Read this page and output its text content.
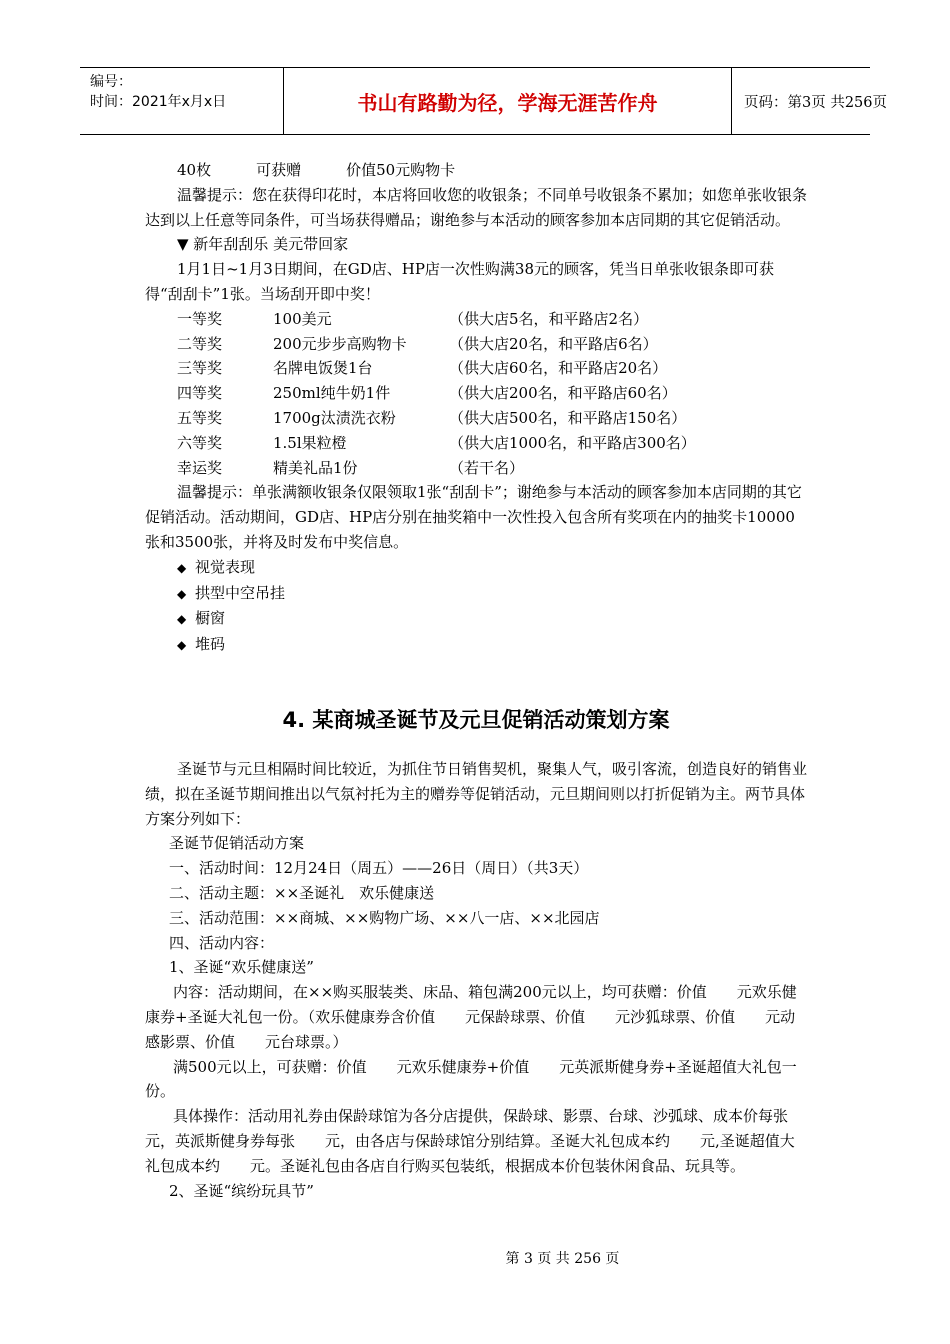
编号：
时间：2021年x月x日	书山有路勤为径，学海无涯苦作舟	页码：第3页 共256页

40枚　　　可获赠　　　价值50元购物卡

温馨提示：您在获得印花时，本店将回收您的收银条；不同单号收银条不累加；如您单张收银条达到以上任意等同条件，可当场获得赠品；谢绝参与本活动的顾客参加本店同期的其它促销活动。

▼ 新年刮刮乐 美元带回家

1月1日~1月3日期间，在GD店、HP店一次性购满38元的顾客，凭当日单张收银条即可获得“刮刮卡”1张。当场刮开即中奖！

一等奖	100美元	（供大店5名，和平路店2名）
二等奖	200元步步高购物卡	（供大店20名，和平路店6名）
三等奖	名牌电饭煲1台	（供大店60名，和平路店20名）
四等奖	250ml纯牛奶1件	（供大店200名，和平路店60名）
五等奖	1700g汰渍洗衣粉	（供大店500名，和平路店150名）
六等奖	1.5l果粒橙	（供大店1000名，和平路店300名）
幸运奖	精美礼品1份	（若干名）

温馨提示：单张满额收银条仅限领取1张“刮刮卡”；谢绝参与本活动的顾客参加本店同期的其它促销活动。活动期间，GD店、HP店分别在抽奖箱中一次性投入包含所有奖项在内的抽奖卡10000张和3500张，并将及时发布中奖信息。

◆ 视觉表现

◆ 拱型中空吊挂

◆ 橱窗

◆ 堆码

4. 某商城圣诞节及元旦促销活动策划方案

圣诞节与元旦相隔时间比较近，为抓住节日销售契机，聚集人气，吸引客流，创造良好的销售业绩，拟在圣诞节期间推出以气氛衬托为主的赠券等促销活动，元旦期间则以打折促销为主。两节具体方案分列如下：

圣诞节促销活动方案

一、活动时间：12月24日（周五）——26日（周日）（共3天）

二、活动主题：××圣诞礼　欢乐健康送

三、活动范围：××商城、××购物广场、××八一店、××北园店

四、活动内容：

1、圣诞“欢乐健康送”

内容：活动期间，在××购买服装类、床品、箱包满200元以上，均可获赠：价值　　元欢乐健康券+圣诞大礼包一份。（欢乐健康券含价值　　元保龄球票、价值　　元沙狐球票、价值　　元动感影票、价值　　元台球票。）

满500元以上，可获赠：价值　　元欢乐健康券+价值　　元英派斯健身券+圣诞超值大礼包一份。

具体操作：活动用礼券由保龄球馆为各分店提供，保龄球、影票、台球、沙弧球、成本价每张　　元，英派斯健身券每张　　元，由各店与保龄球馆分别结算。圣诞大礼包成本约　　元,圣诞超值大礼包成本约　　元。圣诞礼包由各店自行购买包装纸，根据成本价包装休闲食品、玩具等。

2、圣诞“缤纷玩具节”

第 3 页 共 256 页
